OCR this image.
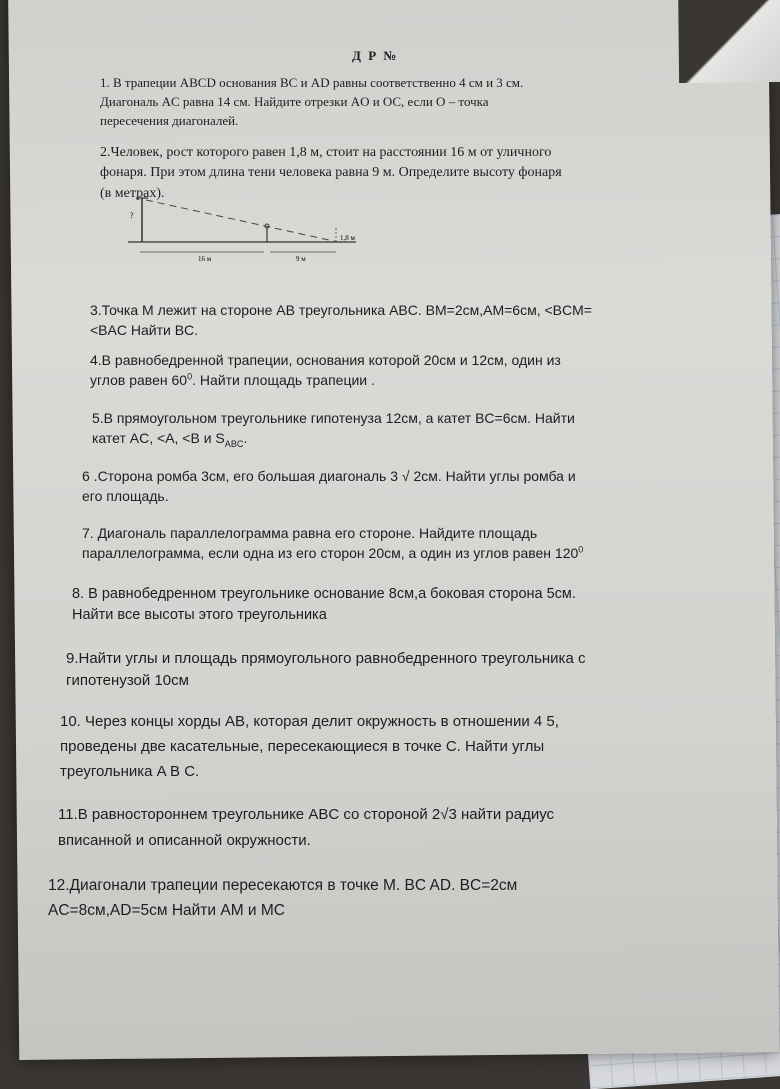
Д Р №
1. В трапеции ABCD основания BC и AD равны соответственно 4 см и 3 см.
Диагональ AC равна 14 см. Найдите отрезки AO и OC, если O – точка
пересечения диагоналей.
2.Человек, рост которого равен 1,8 м, стоит на расстоянии 16 м от уличного
фонаря. При этом длина тени человека равна 9 м. Определите высоту фонаря
(в метрах).
?
1,8 м
16 м	9 м
3.Точка M лежит на стороне AB треугольника ABC. BM=2см,AM=6см, <BCM=
<BAC Найти BC.
4.В равнобедренной трапеции, основания которой 20см и 12см, один из
углов равен $60^0$. Найти площадь трапеции .
5.В прямоугольном треугольнике гипотенуза 12см, а катет BC=6см. Найти
катет AC, <A, <B и $S_{ABC}$.
6 .Сторона ромба 3см, его большая диагональ 3 √ 2см. Найти углы ромба и
его площадь.
7. Диагональ параллелограмма равна его стороне. Найдите площадь
параллелограмма, если одна из его сторон 20см, а один из углов равен $120^0$
8. В равнобедренном треугольнике основание 8см,а боковая сторона 5см.
Найти все высоты этого треугольника
9.Найти углы и площадь прямоугольного равнобедренного треугольника с
гипотенузой 10см
10. Через концы хорды AB, которая делит окружность в отношении 4 5,
проведены две касательные, пересекающиеся в точке C. Найти углы
треугольника A B C.
11.В равностороннем треугольнике ABC со стороной 2√3 найти радиус
вписанной и описанной окружности.
12.Диагонали трапеции пересекаются в точке M. BC AD. BC=2см
AC=8см,AD=5см Найти AM и MC
